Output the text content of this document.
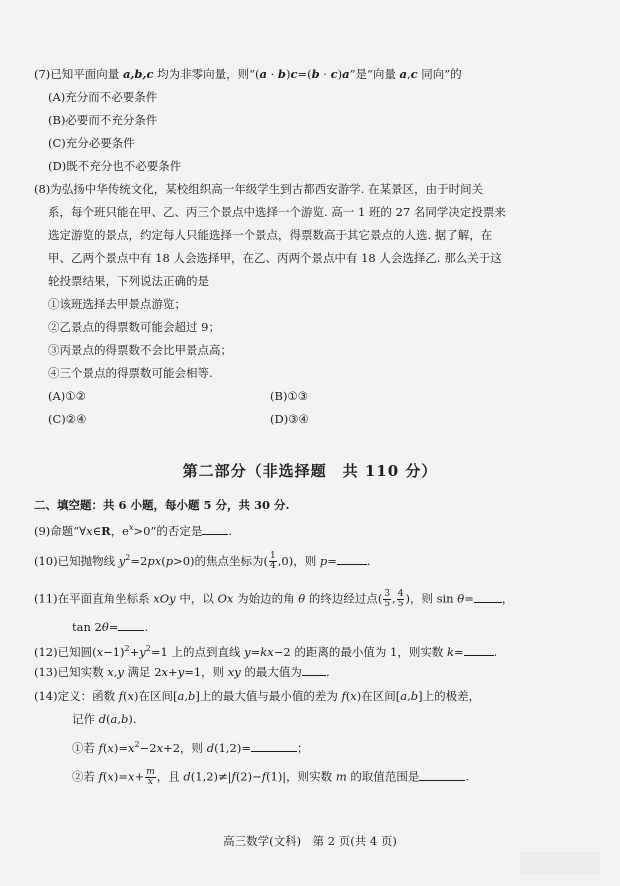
(7)已知平面向量 a,b,c 均为非零向量，则“(a · b)c=(b · c)a”是“向量 a,c 同向”的
(A)充分而不必要条件
(B)必要而不充分条件
(C)充分必要条件
(D)既不充分也不必要条件
(8)为弘扬中华传统文化，某校组织高一年级学生到古都西安游学. 在某景区，由于时间关
系，每个班只能在甲、乙、丙三个景点中选择一个游览. 高一 1 班的 27 名同学决定投票来
选定游览的景点，约定每人只能选择一个景点，得票数高于其它景点的人选. 据了解，在
甲、乙两个景点中有 18 人会选择甲，在乙、丙两个景点中有 18 人会选择乙. 那么关于这
轮投票结果，下列说法正确的是
①该班选择去甲景点游览；
②乙景点的得票数可能会超过 9；
③丙景点的得票数不会比甲景点高；
④三个景点的得票数可能会相等.
(A)①②	(B)①③
(C)②④	(D)③④
第二部分（非选择题　共 110 分）
二、填空题：共 6 小题，每小题 5 分，共 30 分.
(9)命题“∀x∈R，$e^x>0$”的否定是 .
(10)已知抛物线 $y^2=2px(p>0)$的焦点坐标为( $\frac{1}{4} ,0$)，则 p=	.
(11)在平面直角坐标系 xOy 中，以 Ox 为始边的角 θ 的终边经过点( $\frac{3}{5}$ , $\frac{4}{5}$ )，则 sin θ= ，
tan 2θ= .
(12)已知圆$(x-1)^2+y^2=1$ 上的点到直线 y=kx−2 的距离的最小值为 1，则实数 k=	.
(13)已知实数 x,y 满足 2x+y=1，则 xy 的最大值为 .
(14)定义：函数 f(x)在区间[a,b]上的最大值与最小值的差为 f(x)在区间[a,b]上的极差，
记作 d(a,b).
①若 $f(x)=x^2-2x+2$，则 d(1,2)=	；
②若 $f(x)=x+ \frac{m}{x}$ ，且 d(1,2)≠|f(2)−f(1)|，则实数 m 的取值范围是	.
高三数学(文科)　第 2 页(共 4 页)
